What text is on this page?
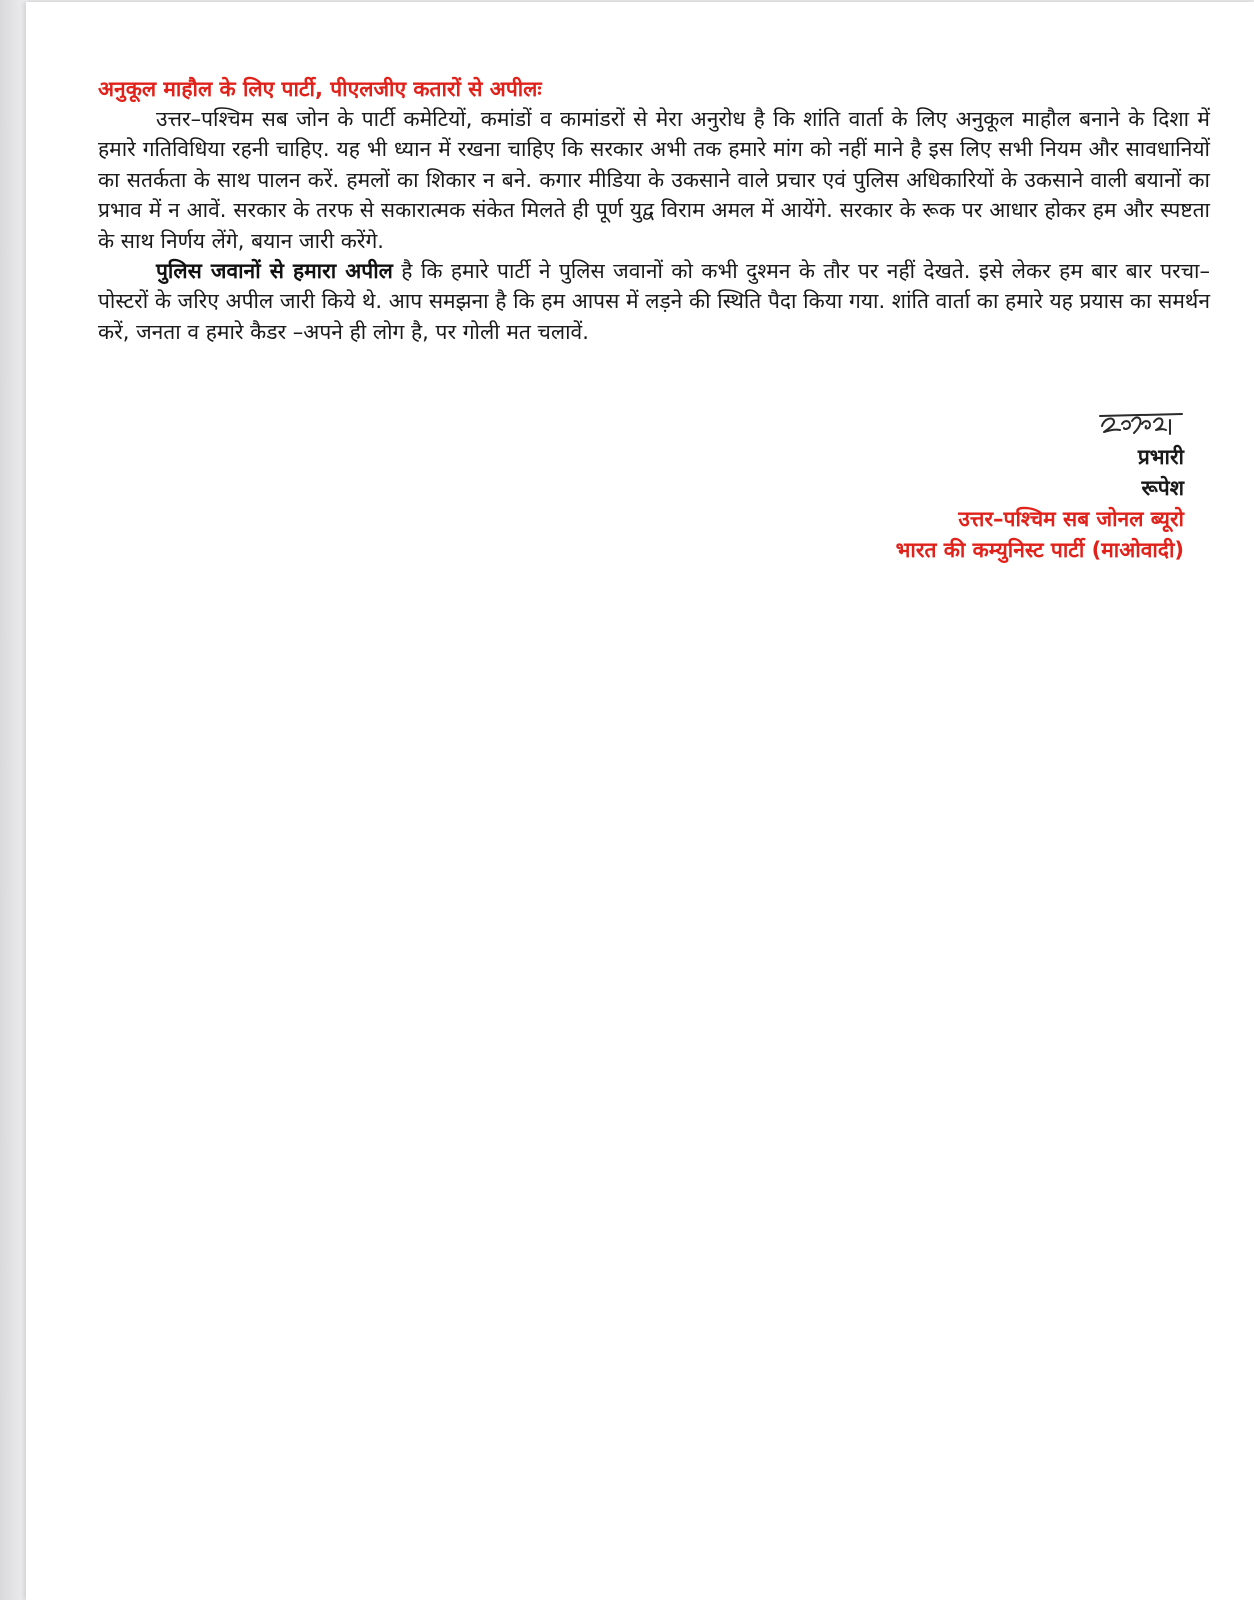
अनुकूल माहौल के लिए पार्टी, पीएलजीए कतारों से अपीलः

उत्तर–पश्चिम सब जोन के पार्टी कमेटियों, कमांडों व कामांडरों से मेरा अनुरोध है कि शांति वार्ता के लिए अनुकूल माहौल बनाने के दिशा में हमारे गतिविधिया रहनी चाहिए. यह भी ध्यान में रखना चाहिए कि सरकार अभी तक हमारे मांग को नहीं माने है इस लिए सभी नियम और सावधानियों का सतर्कता के साथ पालन करें. हमलों का शिकार न बने. कगार मीडिया के उकसाने वाले प्रचार एवं पुलिस अधिकारियों के उकसाने वाली बयानों का प्रभाव में न आवें. सरकार के तरफ से सकारात्मक संकेत मिलते ही पूर्ण युद्व विराम अमल में आयेंगे. सरकार के रूक पर आधार होकर हम और स्पष्टता के साथ निर्णय लेंगे, बयान जारी करेंगे.

पुलिस जवानों से हमारा अपील है कि हमारे पार्टी ने पुलिस जवानों को कभी दुश्मन के तौर पर नहीं देखते. इसे लेकर हम बार बार परचा–पोस्टरों के जरिए अपील जारी किये थे. आप समझना है कि हम आपस में लड़ने की स्थिति पैदा किया गया. शांति वार्ता का हमारे यह प्रयास का समर्थन करें, जनता व हमारे कैडर –अपने ही लोग है, पर गोली मत चलावें.

प्रभारी
रूपेश
उत्तर–पश्चिम सब जोनल ब्यूरो
भारत की कम्युनिस्ट पार्टी (माओवादी)
